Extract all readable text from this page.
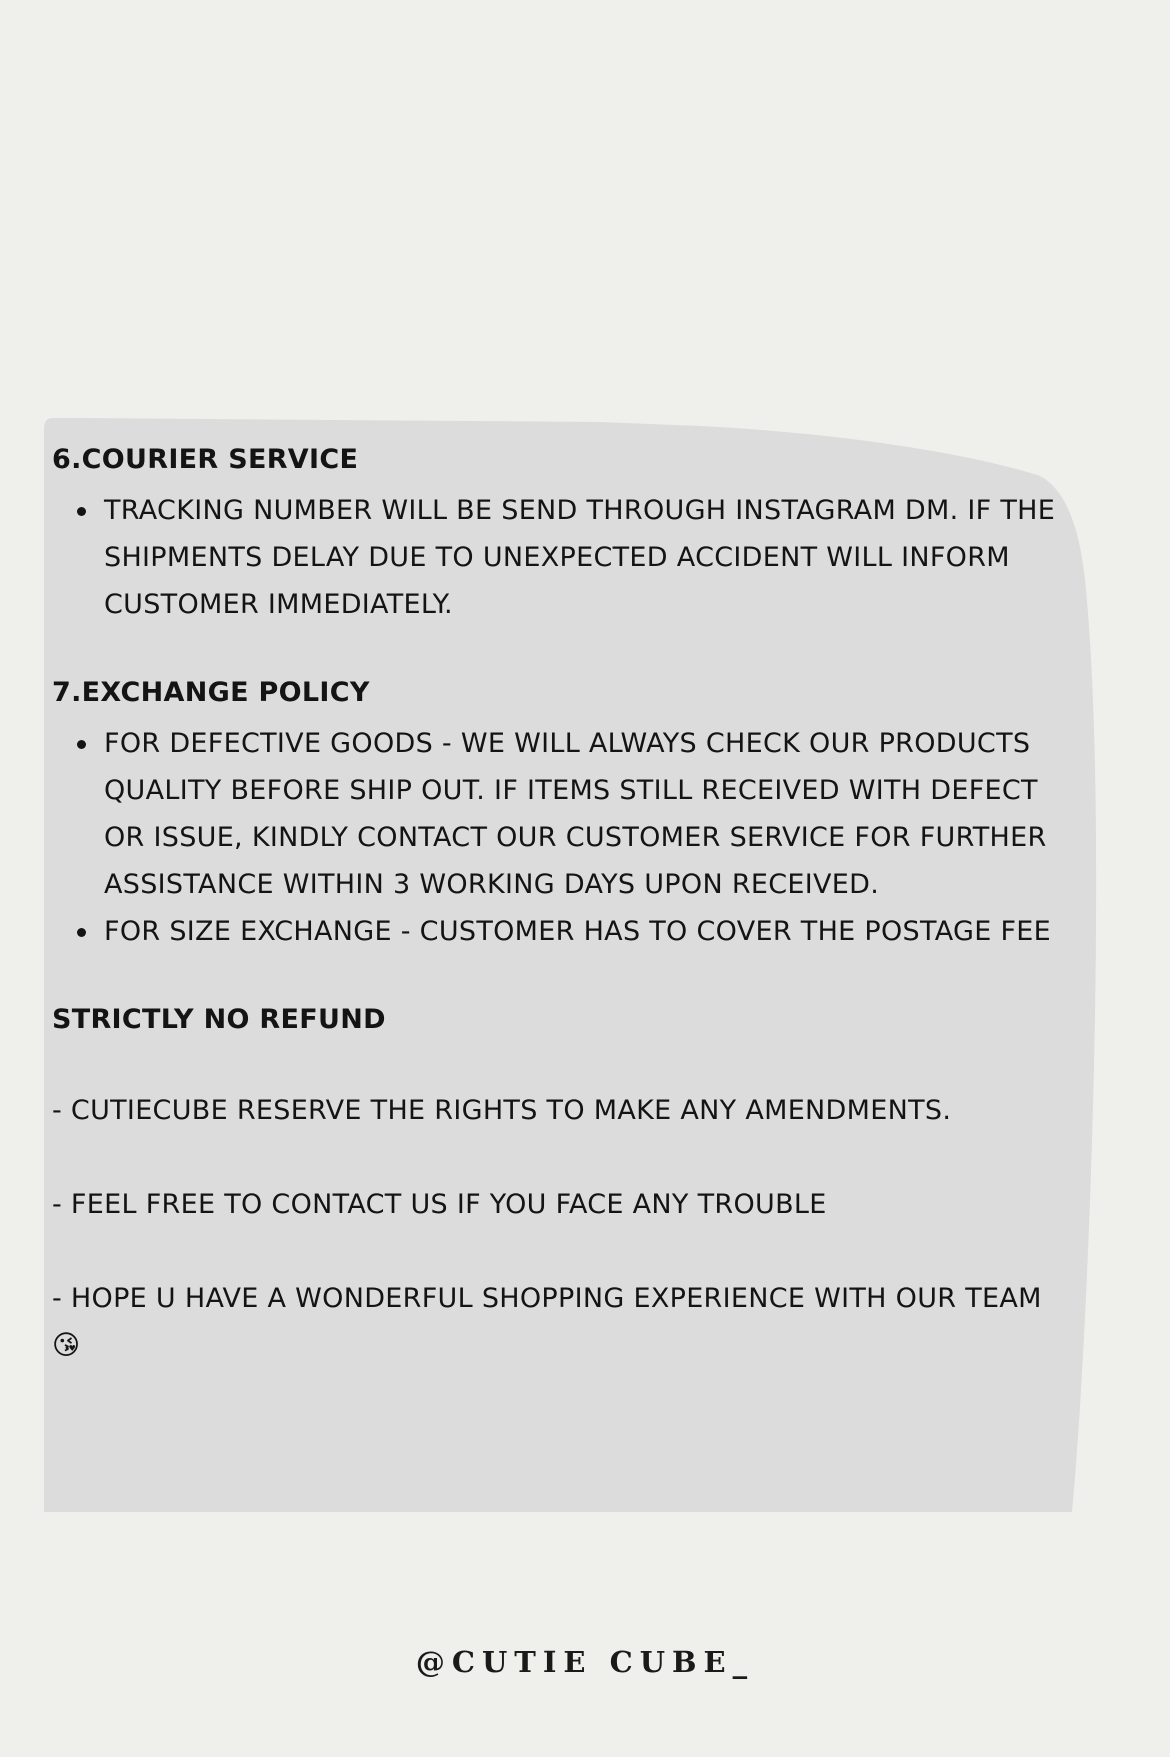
6.COURIER SERVICE

TRACKING NUMBER WILL BE SEND THROUGH INSTAGRAM DM. IF THE SHIPMENTS DELAY DUE TO UNEXPECTED ACCIDENT WILL INFORM CUSTOMER IMMEDIATELY.

7.EXCHANGE POLICY

FOR DEFECTIVE GOODS - WE WILL ALWAYS CHECK OUR PRODUCTS QUALITY BEFORE SHIP OUT. IF ITEMS STILL RECEIVED WITH DEFECT OR ISSUE, KINDLY CONTACT OUR CUSTOMER SERVICE FOR FURTHER ASSISTANCE WITHIN 3 WORKING DAYS UPON RECEIVED.
FOR SIZE EXCHANGE - CUSTOMER HAS TO COVER THE POSTAGE FEE

STRICTLY NO REFUND

- CUTIECUBE RESERVE THE RIGHTS TO MAKE ANY AMENDMENTS.

- FEEL FREE TO CONTACT US IF YOU FACE ANY TROUBLE

- HOPE U HAVE A WONDERFUL SHOPPING EXPERIENCE WITH OUR TEAM😘

@CUTIE CUBE_
